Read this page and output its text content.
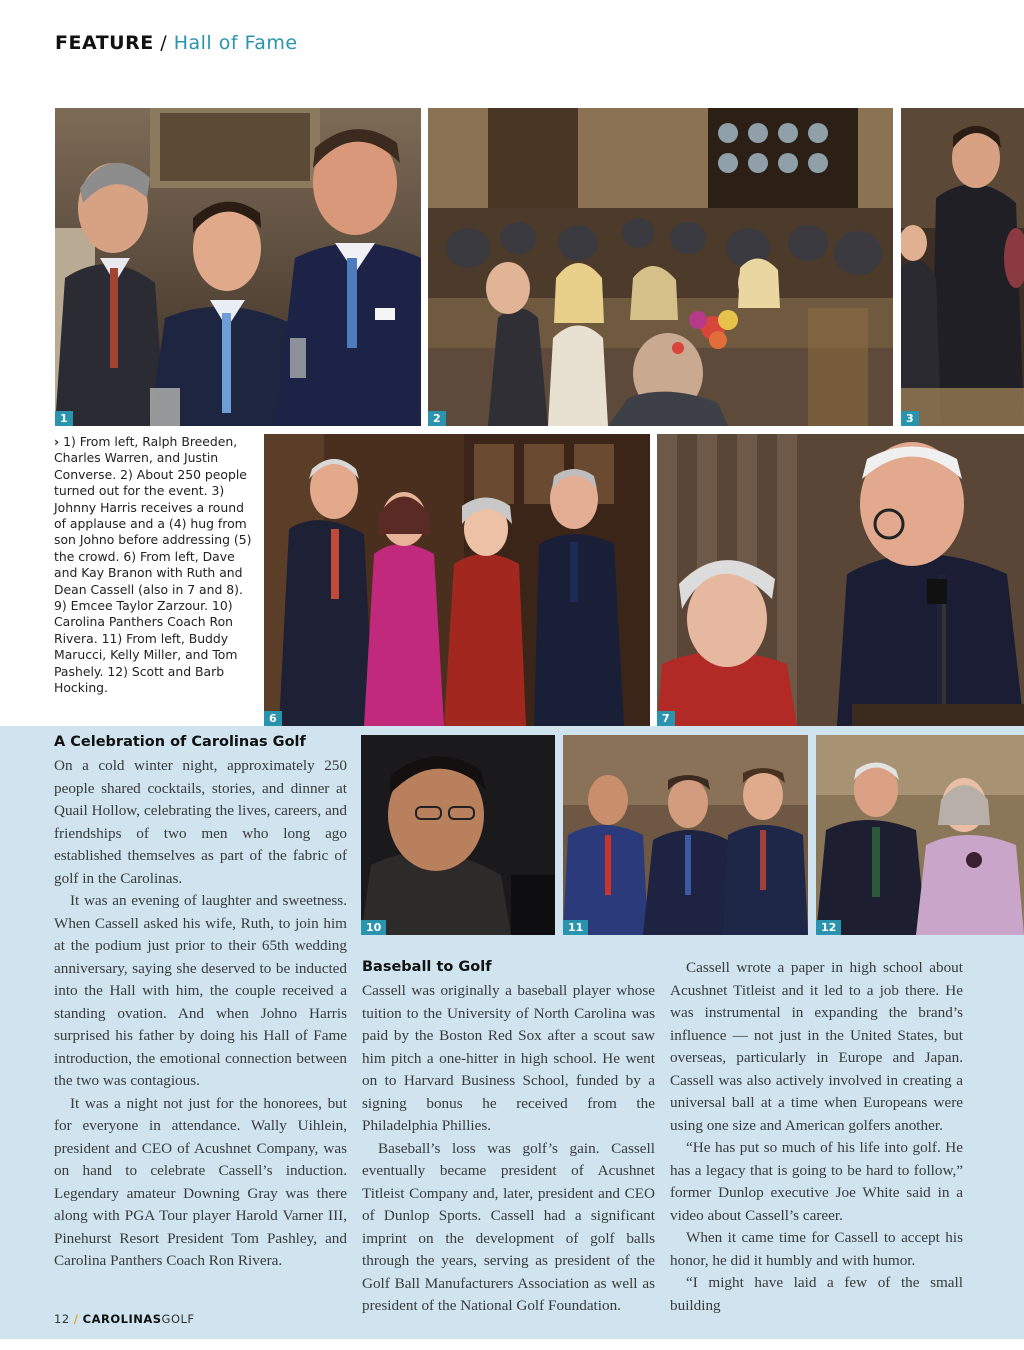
FEATURE / Hall of Fame
1	2	3
› 1) From left, Ralph Breeden, Charles Warren, and Justin Converse. 2) About 250 people turned out for the event. 3) Johnny Harris receives a round of applause and a (4) hug from son Johno before addressing (5) the crowd. 6) From left, Dave and Kay Branon with Ruth and Dean Cassell (also in 7 and 8). 9) Emcee Taylor Zarzour. 10) Carolina Panthers Coach Ron Rivera. 11) From left, Buddy Marucci, Kelly Miller, and Tom Pashely. 12) Scott and Barb Hocking.
6	7
10	11	12
A Celebration of Carolinas Golf

On a cold winter night, approximately 250 people shared cocktails, stories, and dinner at Quail Hollow, celebrating the lives, careers, and friendships of two men who long ago established themselves as part of the fabric of golf in the Carolinas.

It was an evening of laughter and sweetness. When Cassell asked his wife, Ruth, to join him at the podium just prior to their 65th wedding anniversary, saying she deserved to be inducted into the Hall with him, the couple received a standing ovation. And when Johno Harris surprised his father by doing his Hall of Fame introduction, the emotional connection between the two was contagious.

It was a night not just for the honorees, but for everyone in attendance. Wally Uihlein, president and CEO of Acushnet Company, was on hand to celebrate Cassell’s induction. Legendary amateur Downing Gray was there along with PGA Tour player Harold Varner III, Pinehurst Resort President Tom Pashley, and Carolina Panthers Coach Ron Rivera.

Baseball to Golf

Cassell was originally a baseball player whose tuition to the University of North Carolina was paid by the Boston Red Sox after a scout saw him pitch a one-hitter in high school. He went on to Harvard Business School, funded by a signing bonus he received from the Philadelphia Phillies.

Baseball’s loss was golf’s gain. Cassell eventually became president of Acushnet Titleist Company and, later, president and CEO of Dunlop Sports. Cassell had a significant imprint on the development of golf balls through the years, serving as president of the Golf Ball Manufacturers Association as well as president of the National Golf Foundation.

Cassell wrote a paper in high school about Acushnet Titleist and it led to a job there. He was instrumental in expanding the brand’s influence — not just in the United States, but overseas, particularly in Europe and Japan. Cassell was also actively involved in creating a universal ball at a time when Europeans were using one size and American golfers another.

“He has put so much of his life into golf. He has a legacy that is going to be hard to follow,” former Dunlop executive Joe White said in a video about Cassell’s career.

When it came time for Cassell to accept his honor, he did it humbly and with humor.

“I might have laid a few of the small building

12 / CAROLINASGOLF
